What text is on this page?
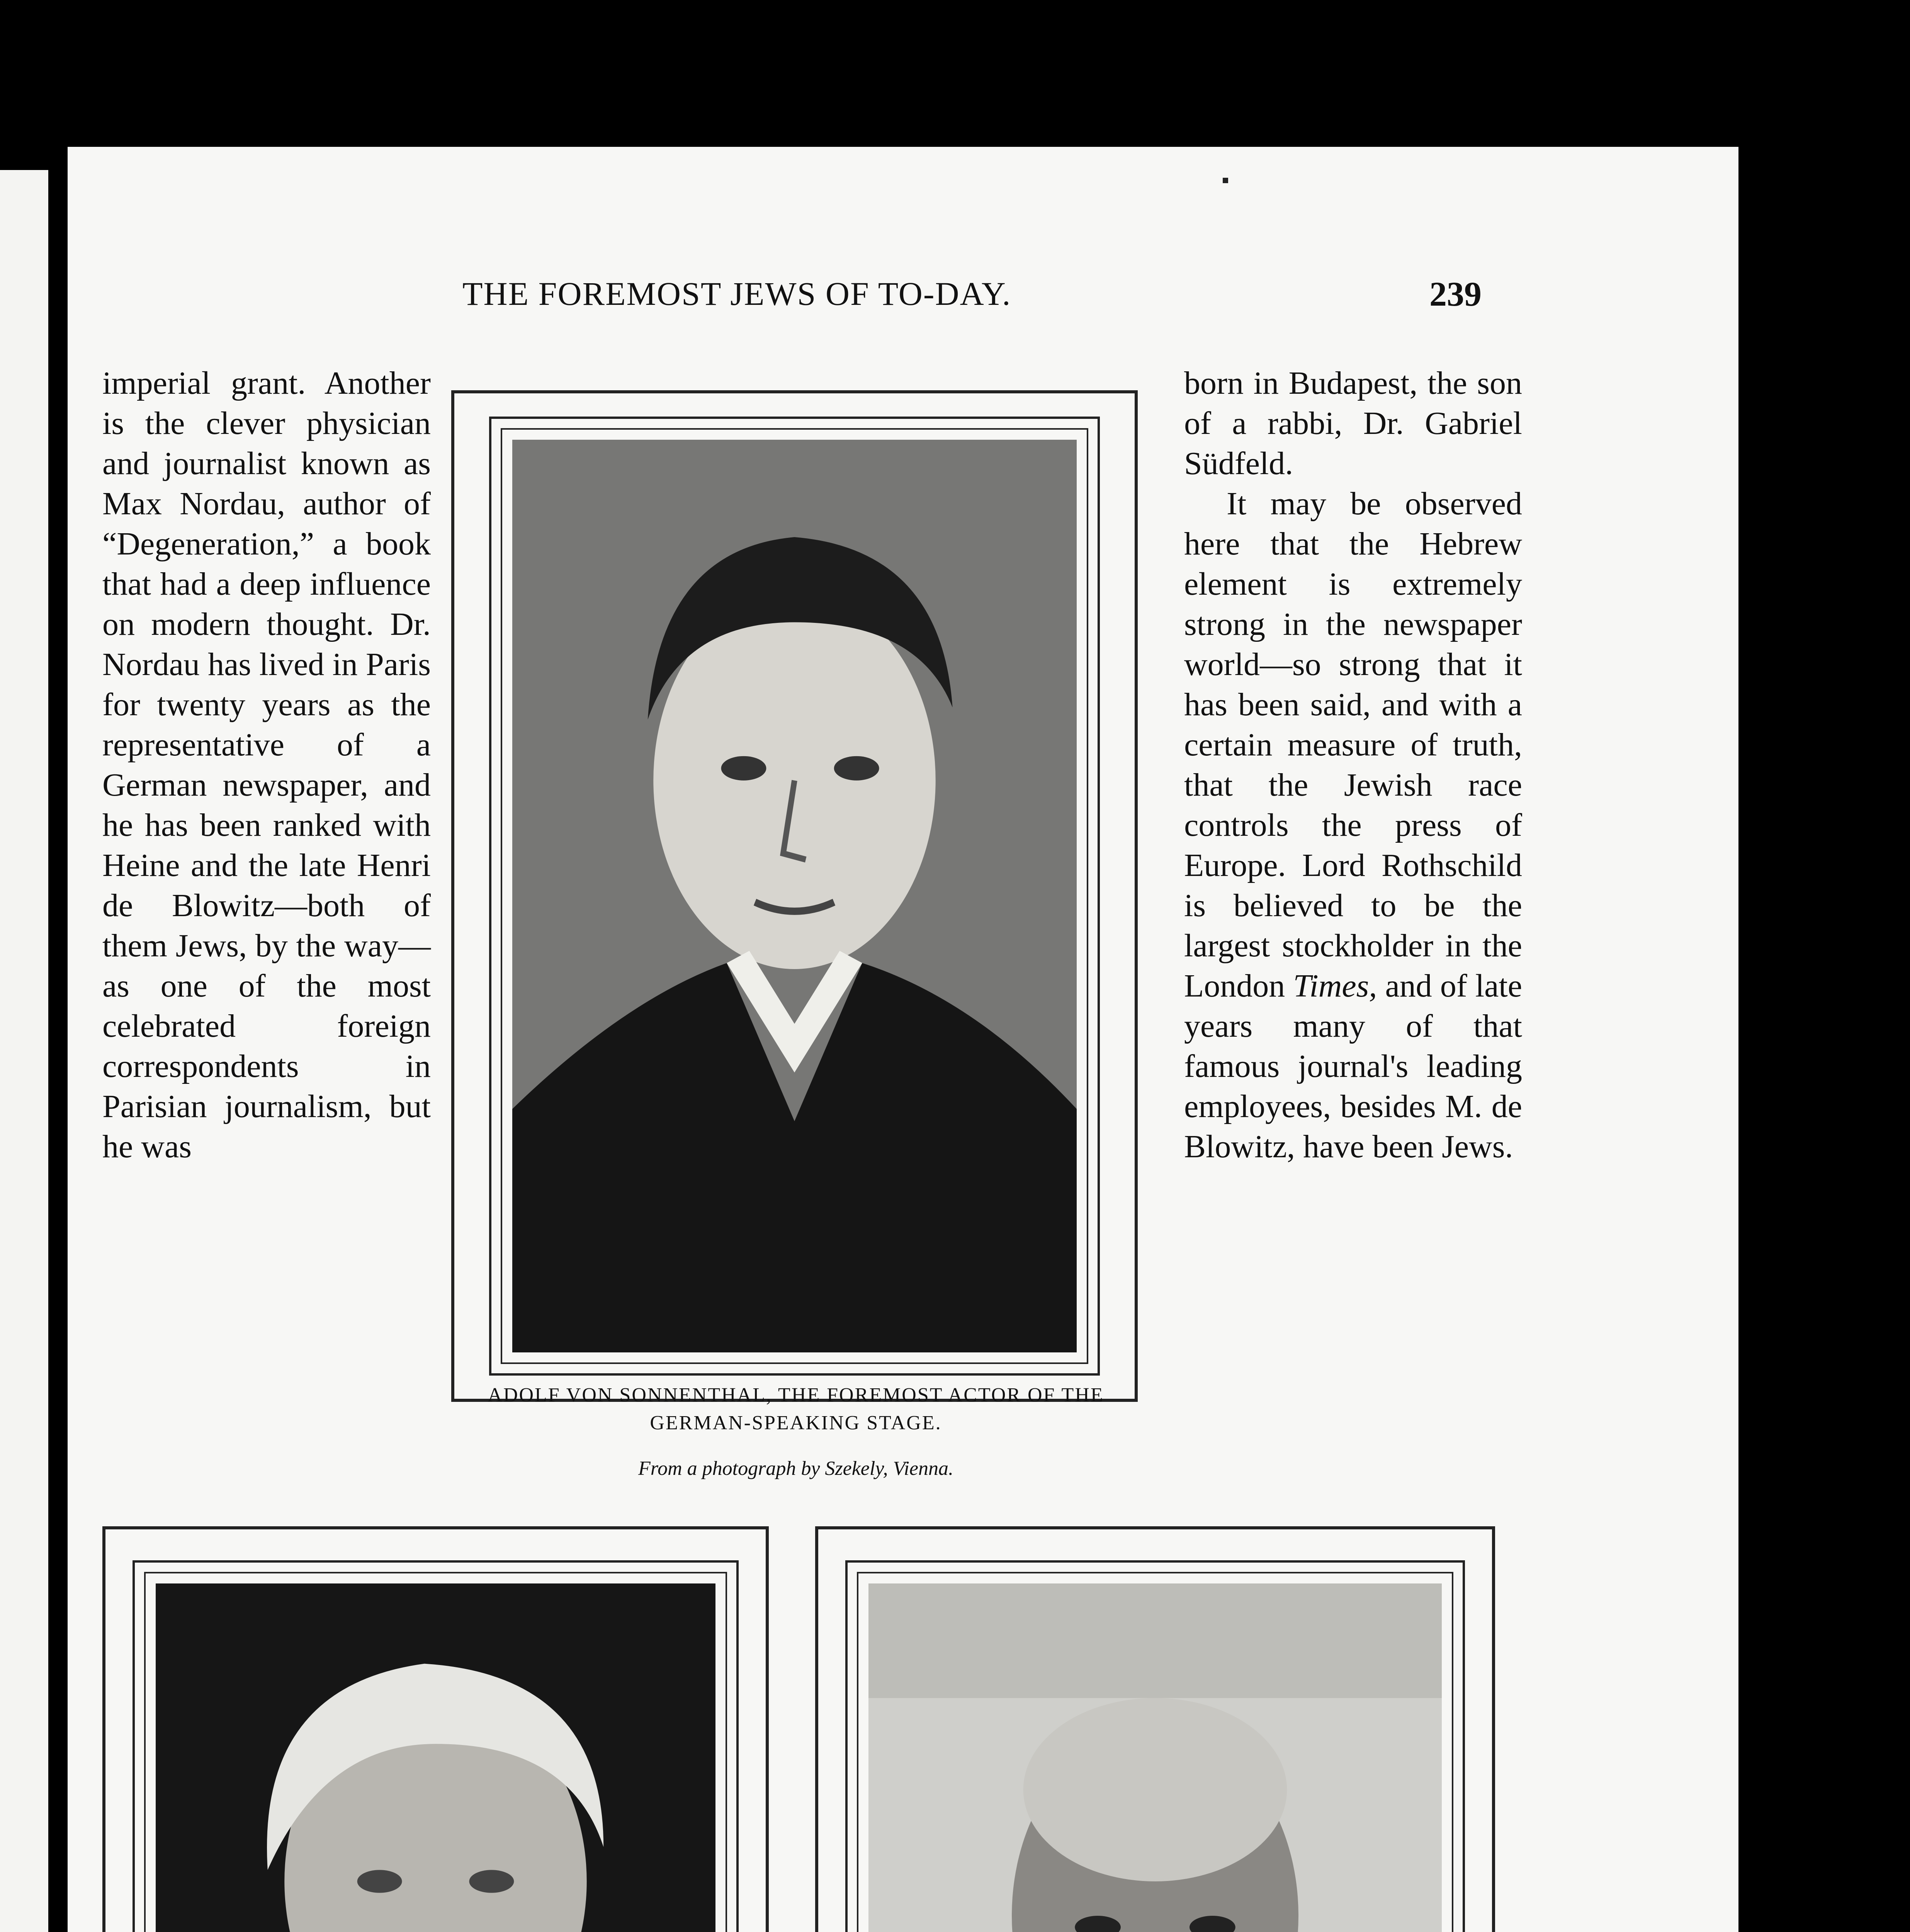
THE FOREMOST JEWS OF TO-DAY.	239

imperial grant. Another is the clever physician and journalist known as Max Nordau, author of “Degeneration,” a book that had a deep influence on modern thought. Dr. Nordau has lived in Paris for twenty years as the representative of a German newspaper, and he has been ranked with Heine and the late Henri de Blowitz—both of them Jews, by the way—as one of the most celebrated foreign correspondents in Parisian journalism, but he was

born in Budapest, the son of a rabbi, Dr. Gabriel Südfeld.

It may be observed here that the Hebrew element is extremely strong in the newspaper world—so strong that it has been said, and with a certain measure of truth, that the Jewish race controls the press of Europe. Lord Rothschild is believed to be the largest stockholder in the London Times, and of late years many of that famous journal's leading employees, besides M. de Blowitz, have been Jews.

ADOLF VON SONNENTHAL, THE FOREMOST ACTOR OF THE GERMAN-SPEAKING STAGE.
From a photograph by Szekely, Vienna.
